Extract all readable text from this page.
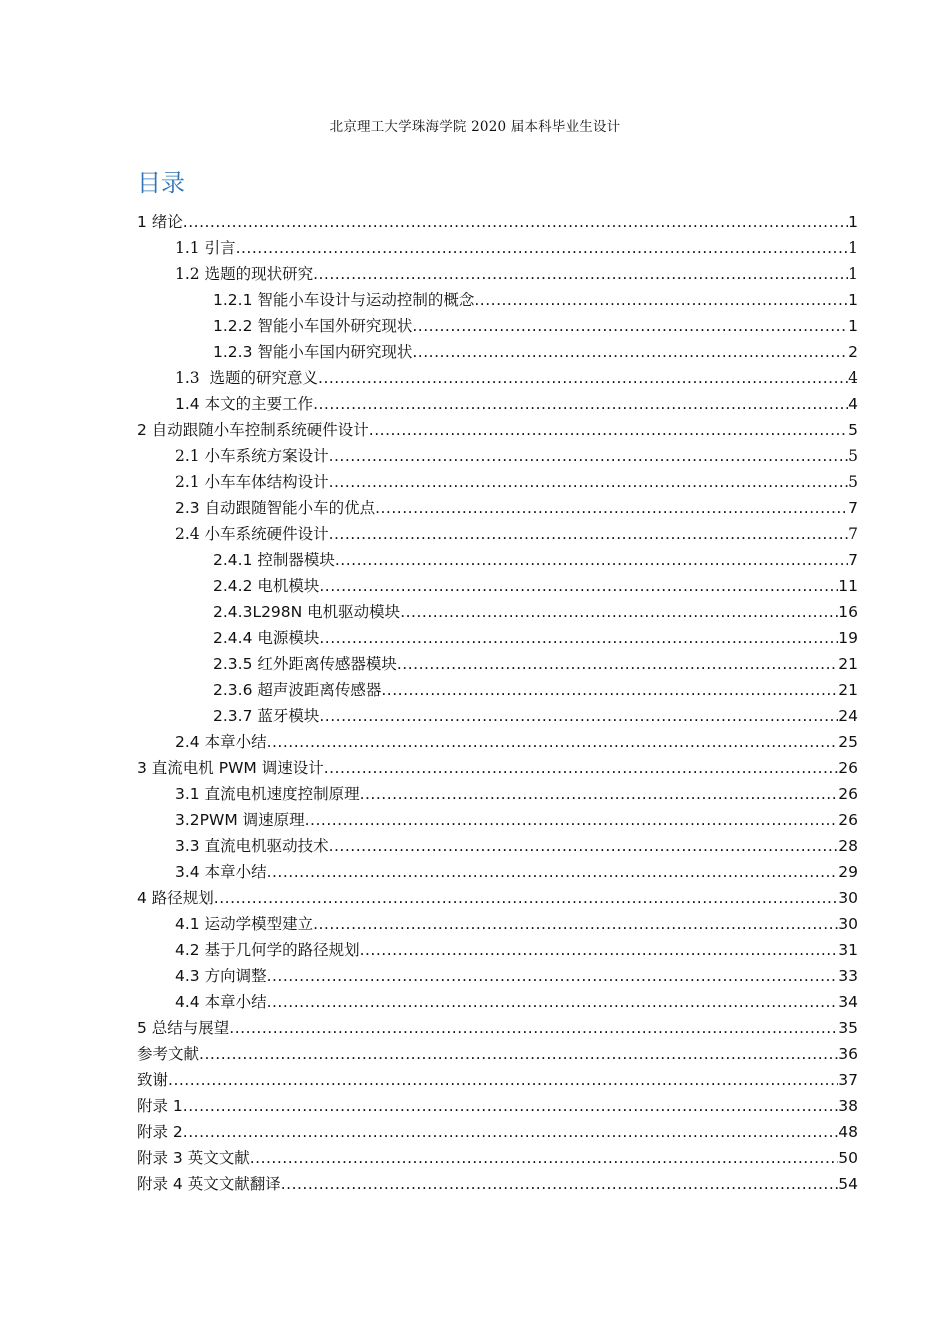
北京理工大学珠海学院 2020 届本科毕业生设计
目录
1 绪论 .....	1
1.1 引言 .....	1
1.2 选题的现状研究 .....	1
1.2.1 智能小车设计与运动控制的概念 .....	1
1.2.2 智能小车国外研究现状 .....	1
1.2.3 智能小车国内研究现状 .....	2
1.3  选题的研究意义 .....	4
1.4 本文的主要工作 .....	4
2 自动跟随小车控制系统硬件设计 .....	5
2.1 小车系统方案设计 .....	5
2.1 小车车体结构设计 .....	5
2.3 自动跟随智能小车的优点 .....	7
2.4 小车系统硬件设计 .....	7
2.4.1 控制器模块 .....	7
2.4.2 电机模块 .....	11
2.4.3L298N 电机驱动模块 .....	16
2.4.4 电源模块 .....	19
2.3.5 红外距离传感器模块 .....	21
2.3.6 超声波距离传感器 .....	21
2.3.7 蓝牙模块 .....	24
2.4 本章小结 .....	25
3 直流电机 PWM 调速设计 .....	26
3.1 直流电机速度控制原理 .....	26
3.2PWM 调速原理 .....	26
3.3 直流电机驱动技术 .....	28
3.4 本章小结 .....	29
4 路径规划 .....	30
4.1 运动学模型建立 .....	30
4.2 基于几何学的路径规划 .....	31
4.3 方向调整 .....	33
4.4 本章小结 .....	34
5 总结与展望 .....	35
参考文献 .....	36
致谢 .....	37
附录 1 .....	38
附录 2 .....	48
附录 3 英文文献 .....	50
附录 4 英文文献翻译 .....	54
